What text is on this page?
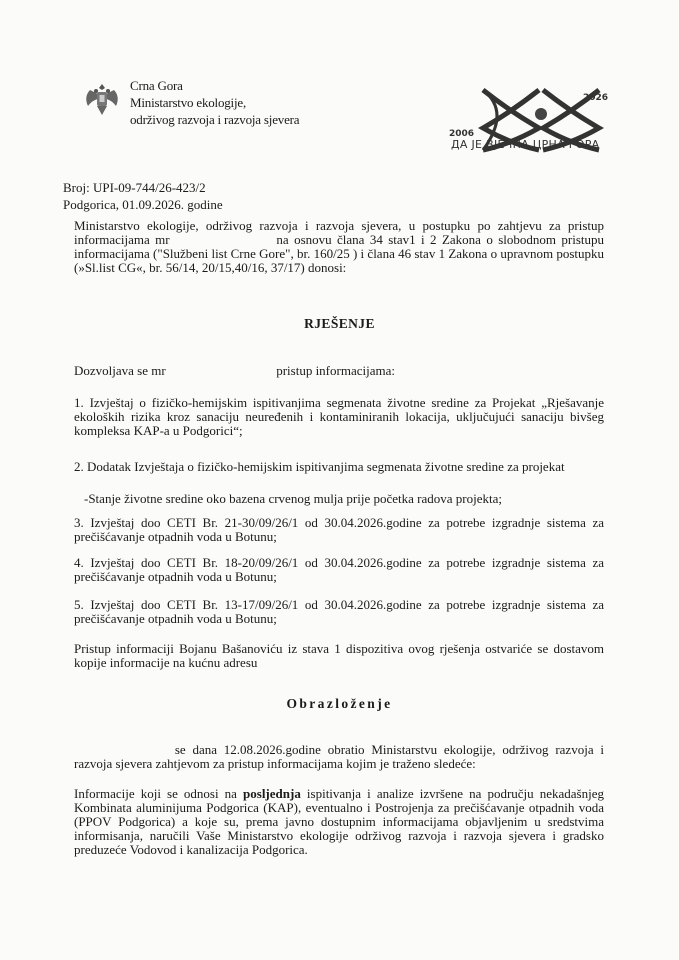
Crna Gora
Ministarstvo ekologije,
održivog razvoja i razvoja sjevera
2026
2006
ДА ЈЕ ВЈЕЧНА ЦРНА ГОРА
Broj: UPI-09-744/26-423/2
Podgorica, 01.09.2026. godine
Ministarstvo ekologije, održivog razvoja i razvoja sjevera, u postupku po zahtjevu za pristup informacijama mr	na osnovu člana 34 stav1 i 2 Zakona o slobodnom pristupu informacijama ("Službeni list Crne Gore", br. 160/25 ) i člana 46 stav 1 Zakona o upravnom postupku (»Sl.list CG«, br. 56/14, 20/15,40/16, 37/17) donosi:
RJEŠENJE
Dozvoljava se mr	pristup informacijama:
1. Izvještaj o fizičko-hemijskim ispitivanjima segmenata životne sredine za Projekat „Rješavanje ekoloških rizika kroz sanaciju neuređenih i kontaminiranih lokacija, uključujući sanaciju bivšeg kompleksa KAP-a u Podgorici“;
2. Dodatak Izvještaja o fizičko-hemijskim ispitivanjima segmenata životne sredine za projekat
-Stanje životne sredine oko bazena crvenog mulja prije početka radova projekta;
3. Izvještaj doo CETI Br. 21-30/09/26/1 od 30.04.2026.godine za potrebe izgradnje sistema za prečišćavanje otpadnih voda u Botunu;
4. Izvještaj doo CETI Br. 18-20/09/26/1 od 30.04.2026.godine za potrebe izgradnje sistema za prečišćavanje otpadnih voda u Botunu;
5. Izvještaj doo CETI Br. 13-17/09/26/1 od 30.04.2026.godine za potrebe izgradnje sistema za prečišćavanje otpadnih voda u Botunu;
Pristup informaciji Bojanu Bašanoviću iz stava 1 dispozitiva ovog rješenja ostvariće se dostavom kopije informacije na kućnu adresu
Obrazloženje
se dana 12.08.2026.godine obratio Ministarstvu ekologije, održivog razvoja i razvoja sjevera zahtjevom za pristup informacijama kojim je traženo sledeće:
Informacije koji se odnosi na posljednja ispitivanja i analize izvršene na području nekadašnjeg Kombinata aluminijuma Podgorica (KAP), eventualno i Postrojenja za prečišćavanje otpadnih voda (PPOV Podgorica) a koje su, prema javno dostupnim informacijama objavljenim u sredstvima informisanja, naručili Vaše Ministarstvo ekologije održivog razvoja i razvoja sjevera i gradsko preduzeće Vodovod i kanalizacija Podgorica.
